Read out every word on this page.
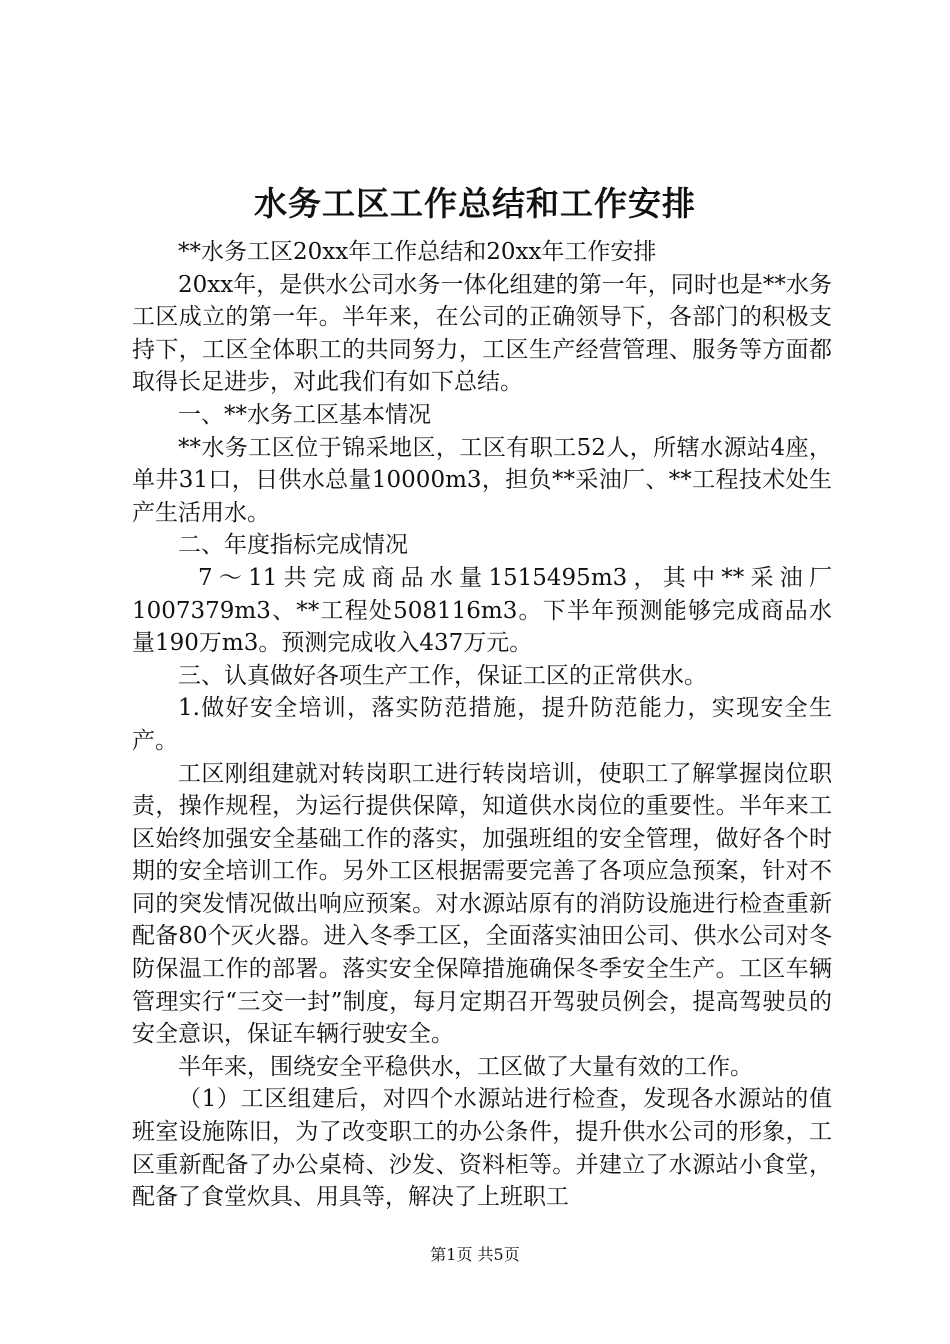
水务工区工作总结和工作安排

**水务工区20xx年工作总结和20xx年工作安排

20xx年，是供水公司水务一体化组建的第一年，同时也是**水务工区成立的第一年。半年来，在公司的正确领导下，各部门的积极支持下，工区全体职工的共同努力，工区生产经营管理、服务等方面都取得长足进步，对此我们有如下总结。

一、**水务工区基本情况

**水务工区位于锦采地区，工区有职工52人，所辖水源站4座，单井31口，日供水总量10000m3，担负**采油厂、**工程技术处生产生活用水。

二、年度指标完成情况

7～11共完成商品水量1515495m3，其中**采油厂1007379m3、**工程处508116m3。下半年预测能够完成商品水量190万m3。预测完成收入437万元。

三、认真做好各项生产工作，保证工区的正常供水。

1.做好安全培训，落实防范措施，提升防范能力，实现安全生产。

工区刚组建就对转岗职工进行转岗培训，使职工了解掌握岗位职责，操作规程，为运行提供保障，知道供水岗位的重要性。半年来工区始终加强安全基础工作的落实，加强班组的安全管理，做好各个时期的安全培训工作。另外工区根据需要完善了各项应急预案，针对不同的突发情况做出响应预案。对水源站原有的消防设施进行检查重新配备80个灭火器。进入冬季工区，全面落实油田公司、供水公司对冬防保温工作的部署。落实安全保障措施确保冬季安全生产。工区车辆管理实行“三交一封”制度，每月定期召开驾驶员例会，提高驾驶员的安全意识，保证车辆行驶安全。

半年来，围绕安全平稳供水，工区做了大量有效的工作。

（1）工区组建后，对四个水源站进行检查，发现各水源站的值班室设施陈旧，为了改变职工的办公条件，提升供水公司的形象，工区重新配备了办公桌椅、沙发、资料柜等。并建立了水源站小食堂，配备了食堂炊具、用具等，解决了上班职工

第1页 共5页
